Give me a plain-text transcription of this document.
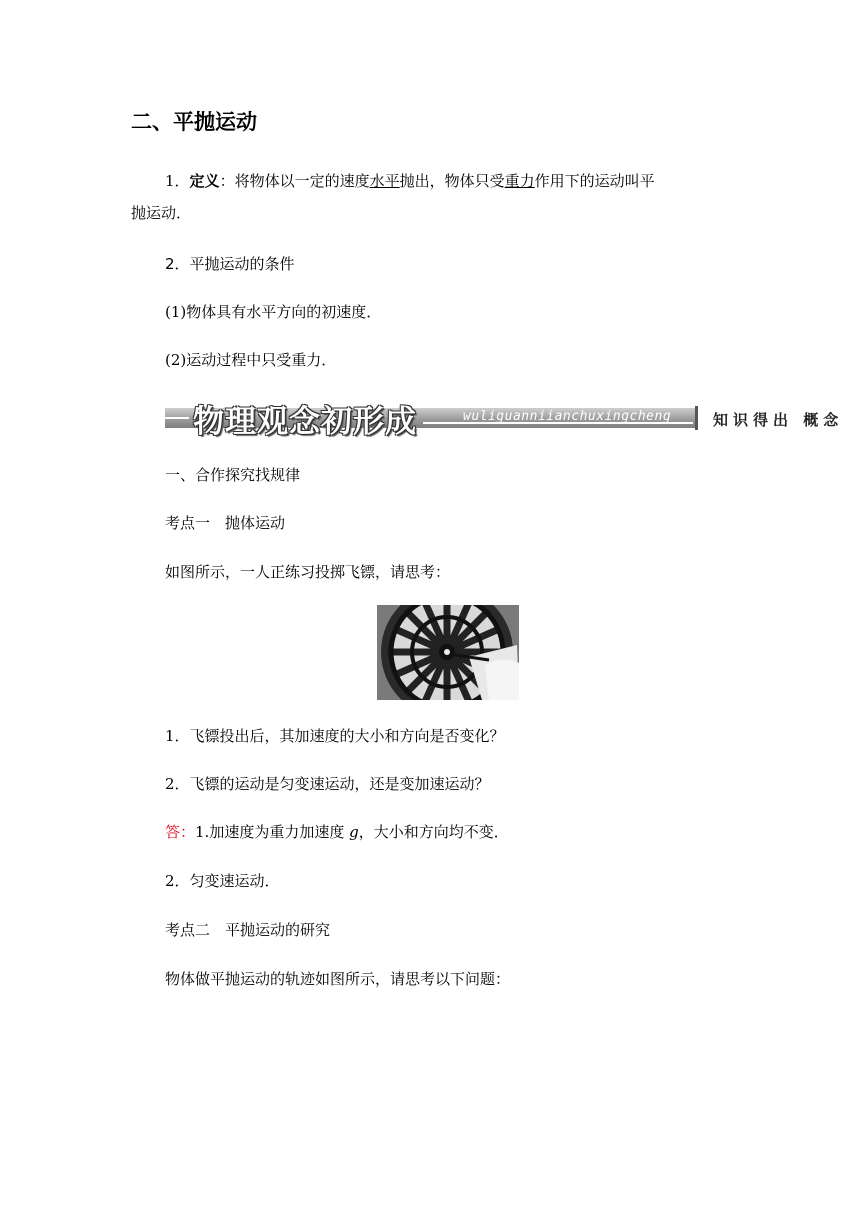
二、平抛运动
1．定义：将物体以一定的速度水平抛出，物体只受重力作用下的运动叫平
抛运动．
2．平抛运动的条件
(1)物体具有水平方向的初速度．
(2)运动过程中只受重力．
物理观念初形成	wuliguanniianchuxingcheng	知识得出 概念
一、合作探究找规律
考点一　抛体运动
如图所示，一人正练习投掷飞镖，请思考：
1．飞镖投出后，其加速度的大小和方向是否变化？
2．飞镖的运动是匀变速运动，还是变加速运动？
答：1.加速度为重力加速度 g，大小和方向均不变．
2．匀变速运动．
考点二　平抛运动的研究
物体做平抛运动的轨迹如图所示，请思考以下问题：
